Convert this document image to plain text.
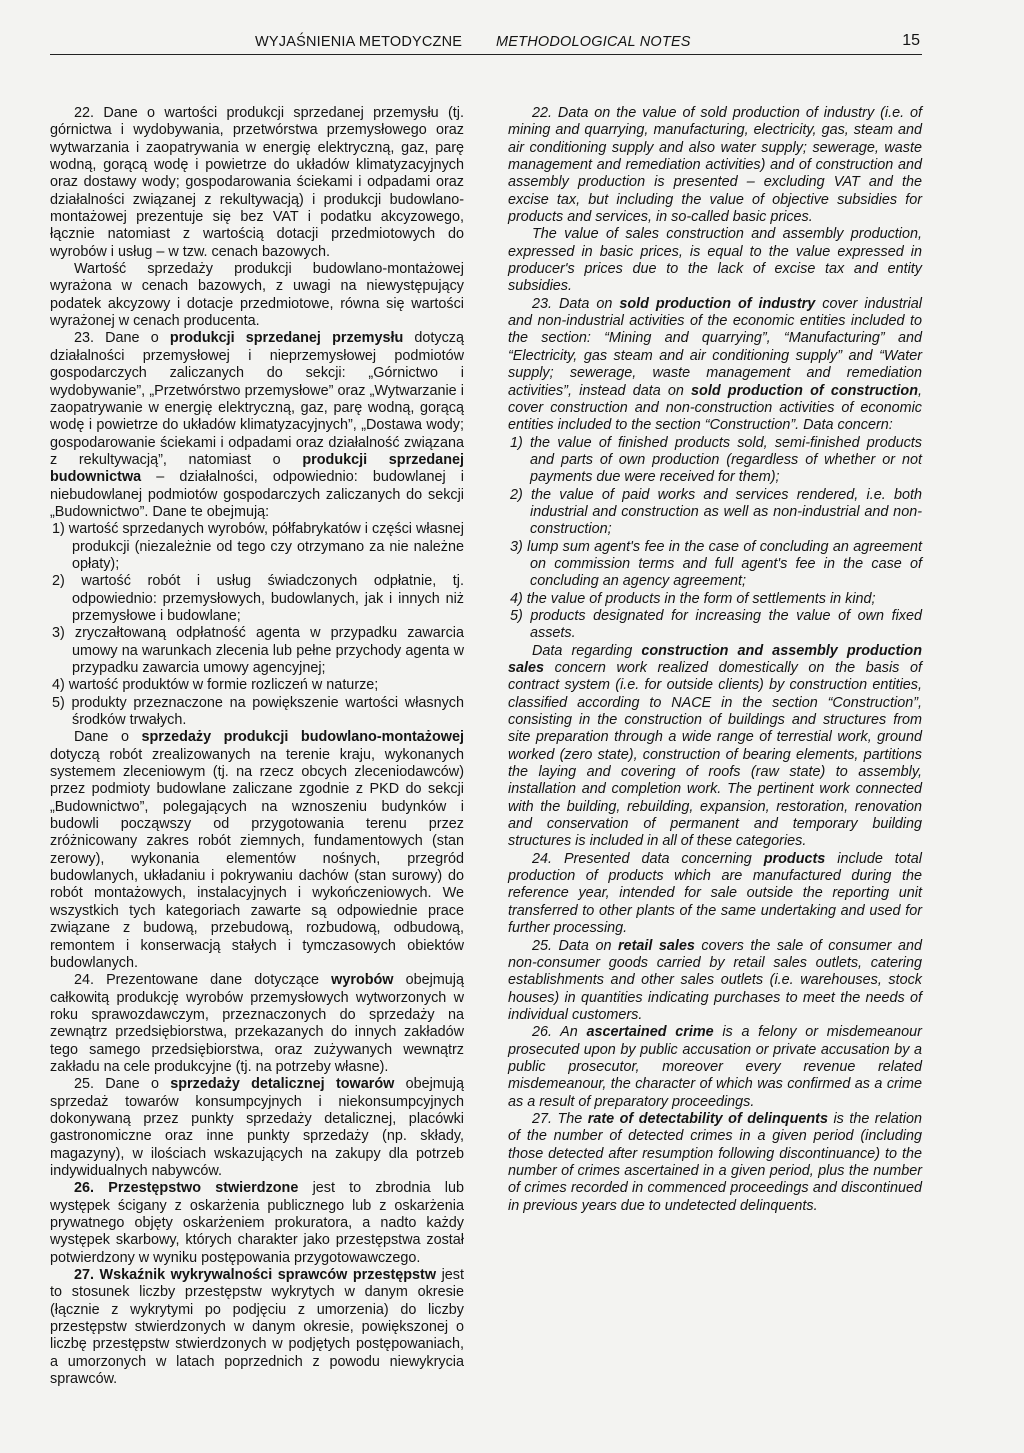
WYJAŚNIENIA METODYCZNE METHODOLOGICAL NOTES	15

22. Dane o wartości produkcji sprzedanej przemysłu (tj. górnictwa i wydobywania, przetwórstwa przemysłowego oraz wytwarzania i zaopatrywania w energię elektryczną, gaz, parę wodną, gorącą wodę i powietrze do układów klimatyzacyjnych oraz dostawy wody; gospodarowania ściekami i odpadami oraz działalności związanej z rekultywacją) i produkcji budowlano-montażowej prezentuje się bez VAT i podatku akcyzowego, łącznie natomiast z wartością dotacji przedmiotowych do wyrobów i usług – w tzw. cenach bazowych.

Wartość sprzedaży produkcji budowlano-montażowej wyrażona w cenach bazowych, z uwagi na niewystępujący podatek akcyzowy i dotacje przedmiotowe, równa się wartości wyrażonej w cenach producenta.

23. Dane o produkcji sprzedanej przemysłu dotyczą działalności przemysłowej i nieprzemysłowej podmiotów gospodarczych zaliczanych do sekcji: „Górnictwo i wydobywanie”, „Przetwórstwo przemysłowe” oraz „Wytwarzanie i zaopatrywanie w energię elektryczną, gaz, parę wodną, gorącą wodę i powietrze do układów klimatyzacyjnych”, „Dostawa wody; gospodarowanie ściekami i odpadami oraz działalność związana z rekultywacją”, natomiast o produkcji sprzedanej budownictwa – działalności, odpowiednio: budowlanej i niebudowlanej podmiotów gospodarczych zaliczanych do sekcji „Budownictwo”. Dane te obejmują:

1) wartość sprzedanych wyrobów, półfabrykatów i części własnej produkcji (niezależnie od tego czy otrzymano za nie należne opłaty);

2) wartość robót i usług świadczonych odpłatnie, tj. odpowiednio: przemysłowych, budowlanych, jak i innych niż przemysłowe i budowlane;

3) zryczałtowaną odpłatność agenta w przypadku zawarcia umowy na warunkach zlecenia lub pełne przychody agenta w przypadku zawarcia umowy agencyjnej;

4) wartość produktów w formie rozliczeń w naturze;

5) produkty przeznaczone na powiększenie wartości własnych środków trwałych.

Dane o sprzedaży produkcji budowlano-montażowej dotyczą robót zrealizowanych na terenie kraju, wykonanych systemem zleceniowym (tj. na rzecz obcych zleceniodawców) przez podmioty budowlane zaliczane zgodnie z PKD do sekcji „Budownictwo”, polegających na wznoszeniu budynków i budowli począwszy od przygotowania terenu przez zróżnicowany zakres robót ziemnych, fundamentowych (stan zerowy), wykonania elementów nośnych, przegród budowlanych, układaniu i pokrywaniu dachów (stan surowy) do robót montażowych, instalacyjnych i wykończeniowych. We wszystkich tych kategoriach zawarte są odpowiednie prace związane z budową, przebudową, rozbudową, odbudową, remontem i konserwacją stałych i tymczasowych obiektów budowlanych.

24. Prezentowane dane dotyczące wyrobów obejmują całkowitą produkcję wyrobów przemysłowych wytworzonych w roku sprawozdawczym, przeznaczonych do sprzedaży na zewnątrz przedsiębiorstwa, przekazanych do innych zakładów tego samego przedsiębiorstwa, oraz zużywanych wewnątrz zakładu na cele produkcyjne (tj. na potrzeby własne).

25. Dane o sprzedaży detalicznej towarów obejmują sprzedaż towarów konsumpcyjnych i niekonsumpcyjnych dokonywaną przez punkty sprzedaży detalicznej, placówki gastronomiczne oraz inne punkty sprzedaży (np. składy, magazyny), w ilościach wskazujących na zakupy dla potrzeb indywidualnych nabywców.

26. Przestępstwo stwierdzone jest to zbrodnia lub występek ścigany z oskarżenia publicznego lub z oskarżenia prywatnego objęty oskarżeniem prokuratora, a nadto każdy występek skarbowy, których charakter jako przestępstwa został potwierdzony w wyniku postępowania przygotowawczego.

27. Wskaźnik wykrywalności sprawców przestępstw jest to stosunek liczby przestępstw wykrytych w danym okresie (łącznie z wykrytymi po podjęciu z umorzenia) do liczby przestępstw stwierdzonych w danym okresie, powiększonej o liczbę przestępstw stwierdzonych w podjętych postępowaniach, a umorzonych w latach poprzednich z powodu niewykrycia sprawców.

22. Data on the value of sold production of industry (i.e. of mining and quarrying, manufacturing, electricity, gas, steam and air conditioning supply and also water supply; sewerage, waste management and remediation activities) and of construction and assembly production is presented – excluding VAT and the excise tax, but including the value of objective subsidies for products and services, in so-called basic prices.

The value of sales construction and assembly production, expressed in basic prices, is equal to the value expressed in producer's prices due to the lack of excise tax and entity subsidies.

23. Data on sold production of industry cover industrial and non-industrial activities of the economic entities included to the section: “Mining and quarrying”, “Manufacturing” and “Electricity, gas steam and air conditioning supply” and “Water supply; sewerage, waste management and remediation activities”, instead data on sold production of construction, cover construction and non-construction activities of economic entities included to the section “Construction”. Data concern:

1) the value of finished products sold, semi-finished products and parts of own production (regardless of whether or not payments due were received for them);

2) the value of paid works and services rendered, i.e. both industrial and construction as well as non-industrial and non-construction;

3) lump sum agent's fee in the case of concluding an agreement on commission terms and full agent's fee in the case of concluding an agency agreement;

4) the value of products in the form of settlements in kind;

5) products designated for increasing the value of own fixed assets.

Data regarding construction and assembly production sales concern work realized domestically on the basis of contract system (i.e. for outside clients) by construction entities, classified according to NACE in the section “Construction”, consisting in the construction of buildings and structures from site preparation through a wide range of terrestial work, ground worked (zero state), construction of bearing elements, partitions the laying and covering of roofs (raw state) to assembly, installation and completion work. The pertinent work connected with the building, rebuilding, expansion, restoration, renovation and conservation of permanent and temporary building structures is included in all of these categories.

24. Presented data concerning products include total production of products which are manufactured during the reference year, intended for sale outside the reporting unit transferred to other plants of the same undertaking and used for further processing.

25. Data on retail sales covers the sale of consumer and non-consumer goods carried by retail sales outlets, catering establishments and other sales outlets (i.e. warehouses, stock houses) in quantities indicating purchases to meet the needs of individual customers.

26. An ascertained crime is a felony or misdemeanour prosecuted upon by public accusation or private accusation by a public prosecutor, moreover every revenue related misdemeanour, the character of which was confirmed as a crime as a result of preparatory proceedings.

27. The rate of detectability of delinquents is the relation of the number of detected crimes in a given period (including those detected after resumption following discontinuance) to the number of crimes ascertained in a given period, plus the number of crimes recorded in commenced proceedings and discontinued in previous years due to undetected delinquents.
